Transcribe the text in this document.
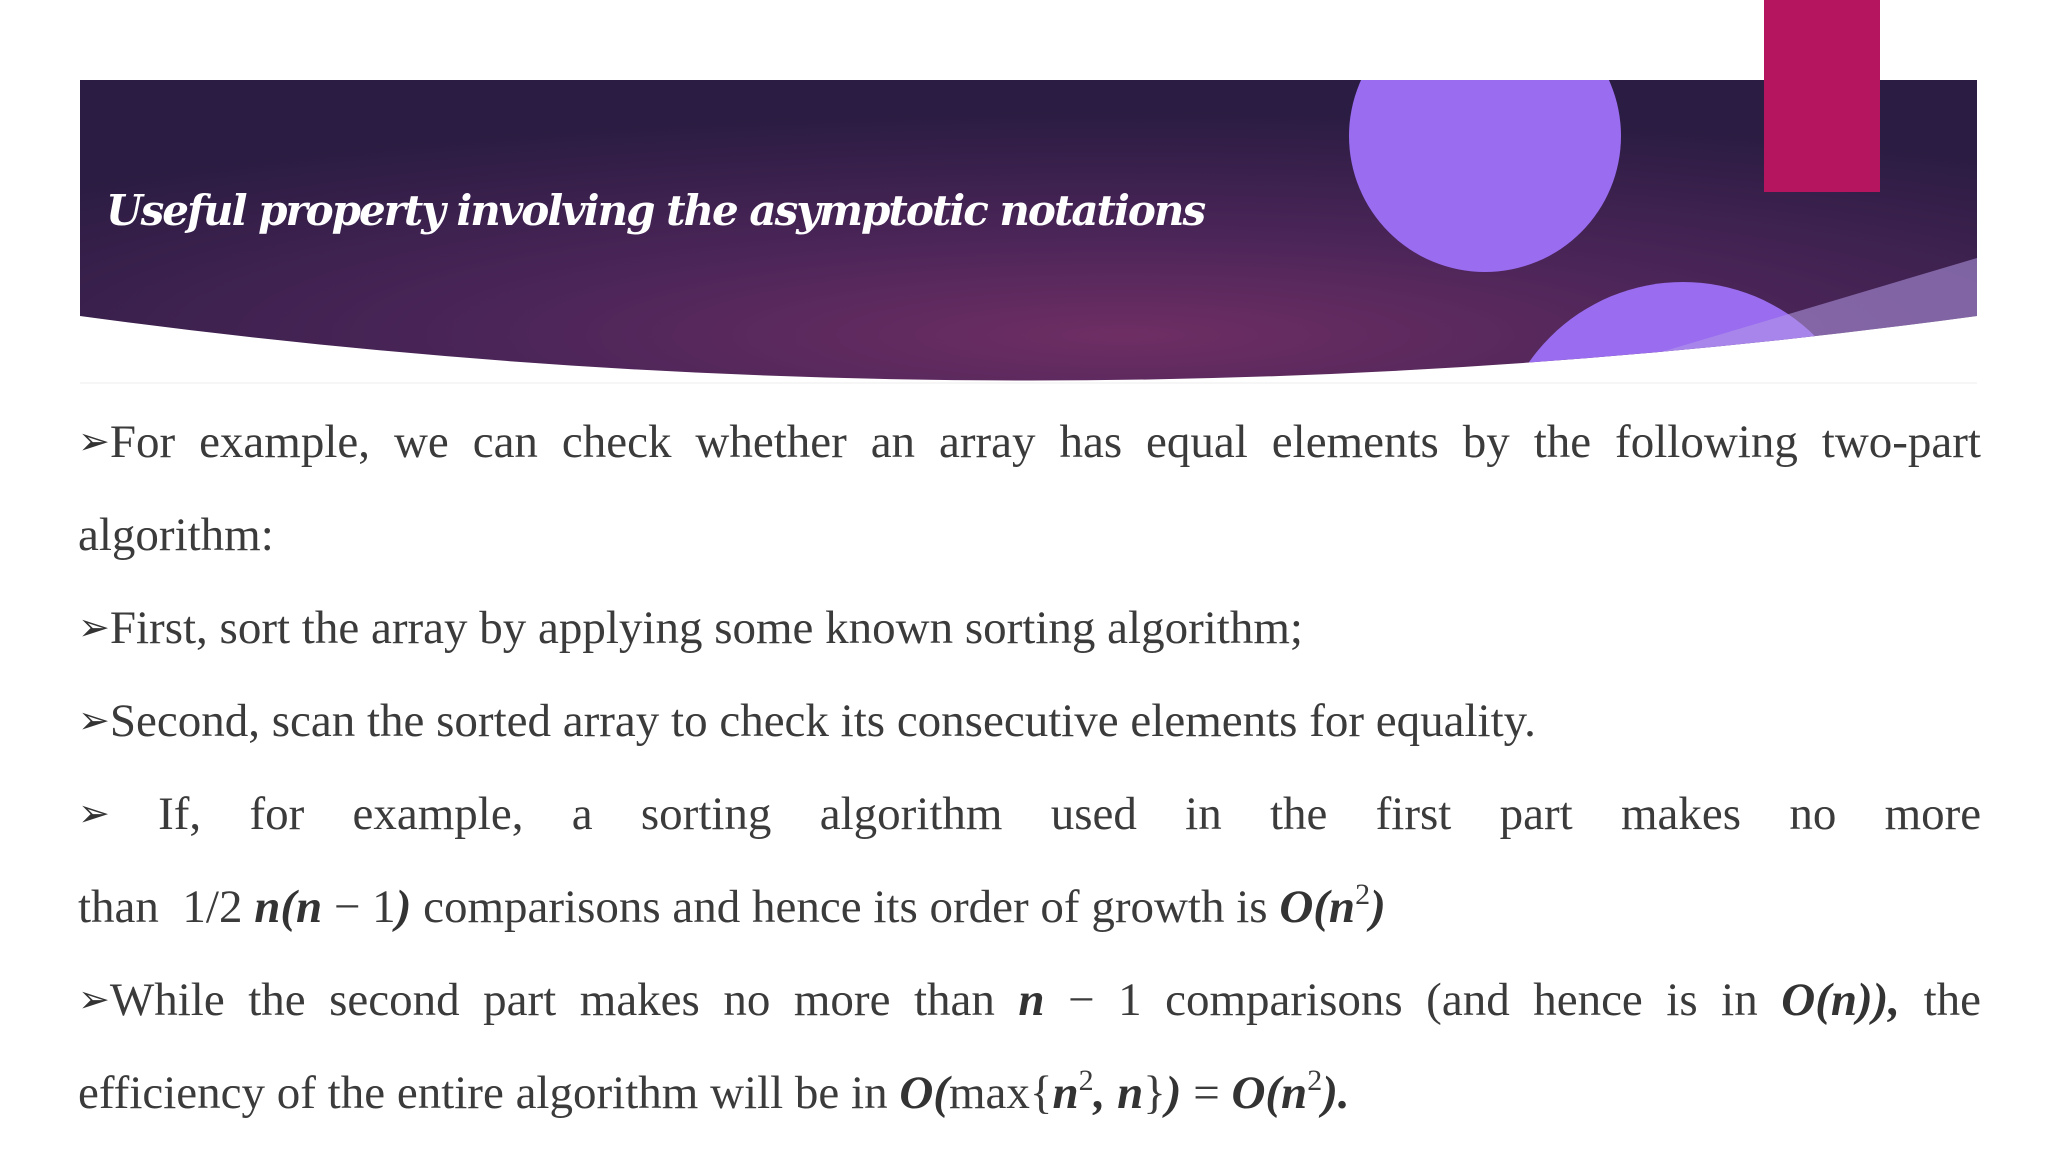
Useful property involving the asymptotic notations
➢For example, we can check whether an array has equal elements by the following two-part
algorithm:
➢First, sort the array by applying some known sorting algorithm;
➢Second, scan the sorted array to check its consecutive elements for equality.
➢ If, for example, a sorting algorithm used in the first part makes no more
than 1/2 n(n − 1) comparisons and hence its order of growth is $O(n^2)$
➢While the second part makes no more than n − 1 comparisons (and hence is in O(n)), the
efficiency of the entire algorithm will be in $O(\max\{n^2$, $n\}) = O(n^2)$.
